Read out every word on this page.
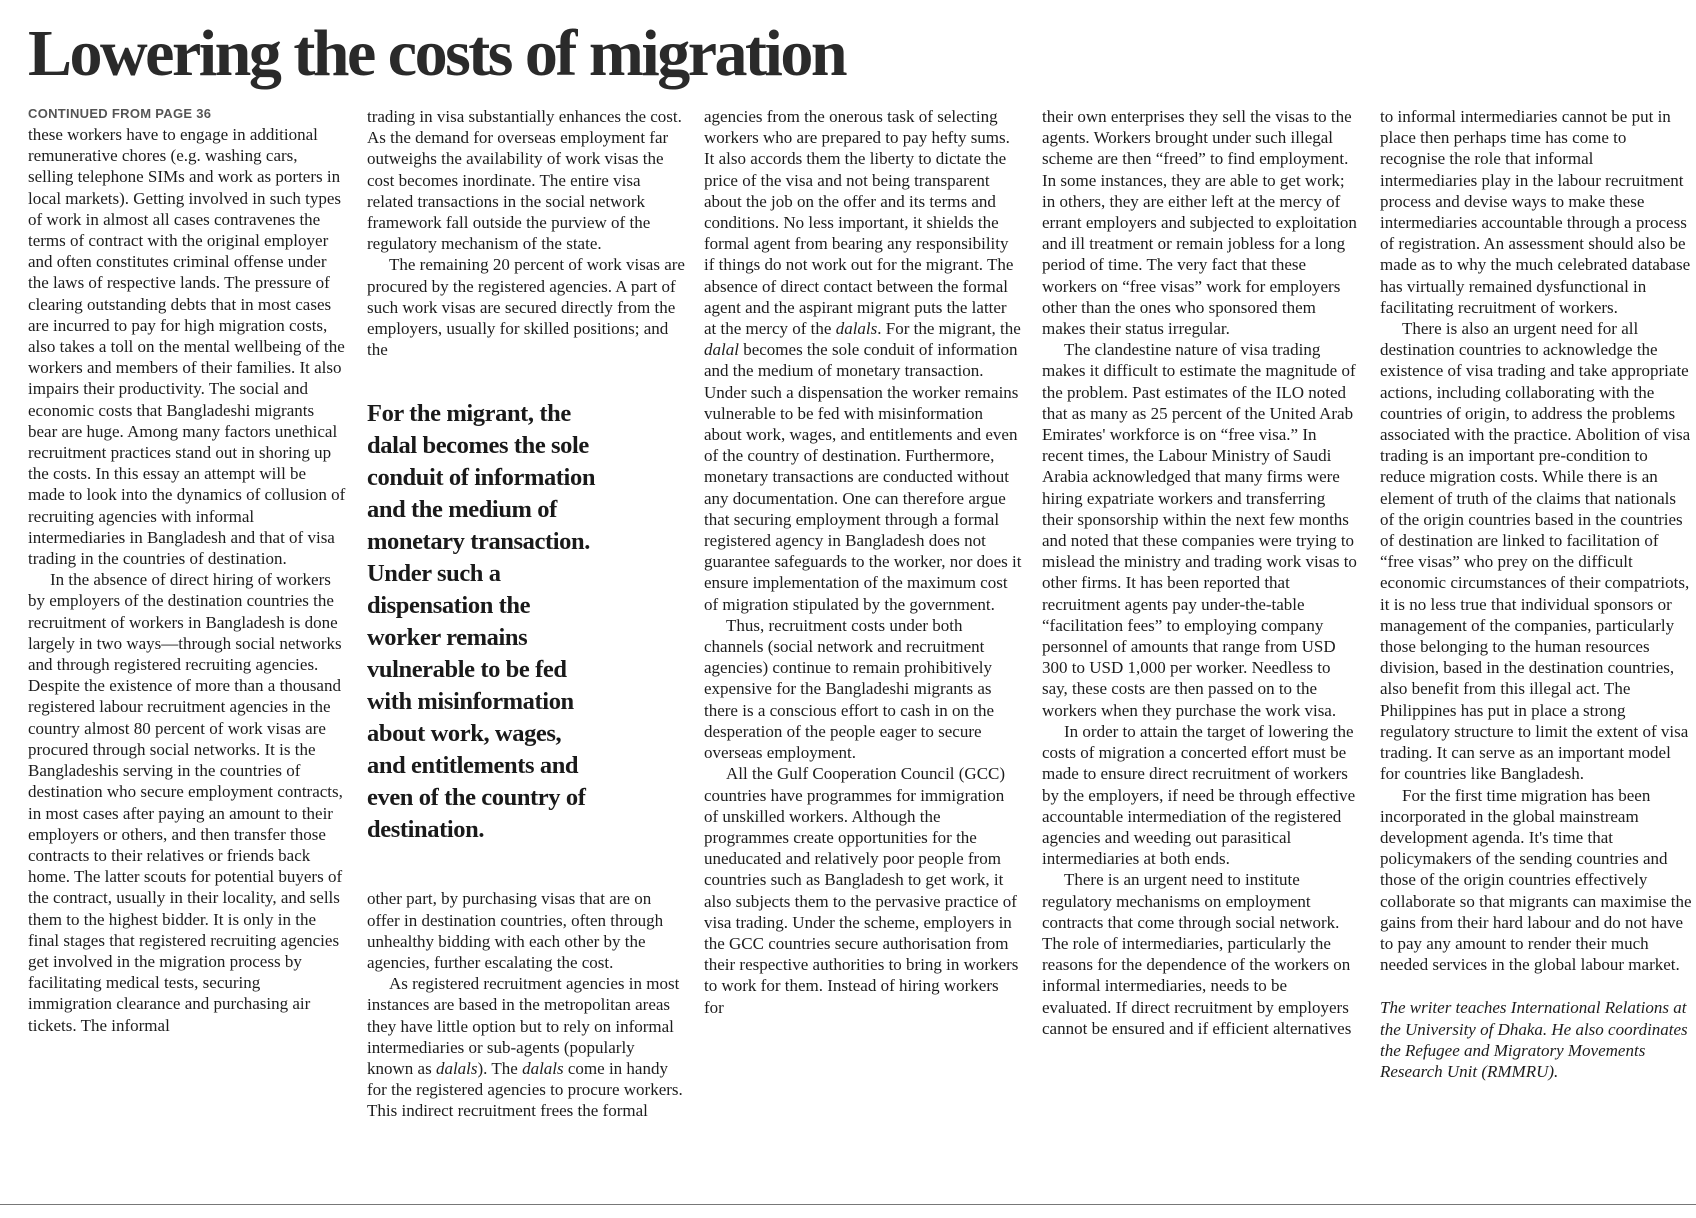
Lowering the costs of migration
CONTINUED FROM PAGE 36

these workers have to engage in additional remunerative chores (e.g. washing cars, selling telephone SIMs and work as porters in local markets). Getting involved in such types of work in almost all cases contravenes the terms of contract with the original employer and often constitutes criminal offense under the laws of respective lands. The pressure of clearing outstanding debts that in most cases are incurred to pay for high migration costs, also takes a toll on the mental wellbeing of the workers and members of their families. It also impairs their productivity. The social and economic costs that Bangladeshi migrants bear are huge. Among many factors unethical recruitment practices stand out in shoring up the costs. In this essay an attempt will be made to look into the dynamics of collusion of recruiting agencies with informal intermediaries in Bangladesh and that of visa trading in the countries of destination.

In the absence of direct hiring of workers by employers of the destination countries the recruitment of workers in Bangladesh is done largely in two ways—through social networks and through registered recruiting agencies. Despite the existence of more than a thousand registered labour recruitment agencies in the country almost 80 percent of work visas are procured through social networks. It is the Bangladeshis serving in the countries of destination who secure employment contracts, in most cases after paying an amount to their employers or others, and then transfer those contracts to their relatives or friends back home. The latter scouts for potential buyers of the contract, usually in their locality, and sells them to the highest bidder. It is only in the final stages that registered recruiting agencies get involved in the migration process by facilitating medical tests, securing immigration clearance and purchasing air tickets. The informal

trading in visa substantially enhances the cost. As the demand for overseas employment far outweighs the availability of work visas the cost becomes inordinate. The entire visa related transactions in the social network framework fall outside the purview of the regulatory mechanism of the state.

The remaining 20 percent of work visas are procured by the registered agencies. A part of such work visas are secured directly from the employers, usually for skilled positions; and the

For the migrant, the dalal becomes the sole conduit of information and the medium of monetary transaction. Under such a dispensation the worker remains vulnerable to be fed with misinformation about work, wages, and entitlements and even of the country of destination.

other part, by purchasing visas that are on offer in destination countries, often through unhealthy bidding with each other by the agencies, further escalating the cost.

As registered recruitment agencies in most instances are based in the metropolitan areas they have little option but to rely on informal intermediaries or sub-agents (popularly known as dalals). The dalals come in handy for the registered agencies to procure workers. This indirect recruitment frees the formal

agencies from the onerous task of selecting workers who are prepared to pay hefty sums. It also accords them the liberty to dictate the price of the visa and not being transparent about the job on the offer and its terms and conditions. No less important, it shields the formal agent from bearing any responsibility if things do not work out for the migrant. The absence of direct contact between the formal agent and the aspirant migrant puts the latter at the mercy of the dalals. For the migrant, the dalal becomes the sole conduit of information and the medium of monetary transaction. Under such a dispensation the worker remains vulnerable to be fed with misinformation about work, wages, and entitlements and even of the country of destination. Furthermore, monetary transactions are conducted without any documentation. One can therefore argue that securing employment through a formal registered agency in Bangladesh does not guarantee safeguards to the worker, nor does it ensure implementation of the maximum cost of migration stipulated by the government.

Thus, recruitment costs under both channels (social network and recruitment agencies) continue to remain prohibitively expensive for the Bangladeshi migrants as there is a conscious effort to cash in on the desperation of the people eager to secure overseas employment.

All the Gulf Cooperation Council (GCC) countries have programmes for immigration of unskilled workers. Although the programmes create opportunities for the uneducated and relatively poor people from countries such as Bangladesh to get work, it also subjects them to the pervasive practice of visa trading. Under the scheme, employers in the GCC countries secure authorisation from their respective authorities to bring in workers to work for them. Instead of hiring workers for

their own enterprises they sell the visas to the agents. Workers brought under such illegal scheme are then “freed” to find employment. In some instances, they are able to get work; in others, they are either left at the mercy of errant employers and subjected to exploitation and ill treatment or remain jobless for a long period of time. The very fact that these workers on “free visas” work for employers other than the ones who sponsored them makes their status irregular.

The clandestine nature of visa trading makes it difficult to estimate the magnitude of the problem. Past estimates of the ILO noted that as many as 25 percent of the United Arab Emirates' workforce is on “free visa.” In recent times, the Labour Ministry of Saudi Arabia acknowledged that many firms were hiring expatriate workers and transferring their sponsorship within the next few months and noted that these companies were trying to mislead the ministry and trading work visas to other firms. It has been reported that recruitment agents pay under-the-table “facilitation fees” to employing company personnel of amounts that range from USD 300 to USD 1,000 per worker. Needless to say, these costs are then passed on to the workers when they purchase the work visa.

In order to attain the target of lowering the costs of migration a concerted effort must be made to ensure direct recruitment of workers by the employers, if need be through effective accountable intermediation of the registered agencies and weeding out parasitical intermediaries at both ends.

There is an urgent need to institute regulatory mechanisms on employment contracts that come through social network. The role of intermediaries, particularly the reasons for the dependence of the workers on informal intermediaries, needs to be evaluated. If direct recruitment by employers cannot be ensured and if efficient alternatives

to informal intermediaries cannot be put in place then perhaps time has come to recognise the role that informal intermediaries play in the labour recruitment process and devise ways to make these intermediaries accountable through a process of registration. An assessment should also be made as to why the much celebrated database has virtually remained dysfunctional in facilitating recruitment of workers.

There is also an urgent need for all destination countries to acknowledge the existence of visa trading and take appropriate actions, including collaborating with the countries of origin, to address the problems associated with the practice. Abolition of visa trading is an important pre-condition to reduce migration costs. While there is an element of truth of the claims that nationals of the origin countries based in the countries of destination are linked to facilitation of “free visas” who prey on the difficult economic circumstances of their compatriots, it is no less true that individual sponsors or management of the companies, particularly those belonging to the human resources division, based in the destination countries, also benefit from this illegal act. The Philippines has put in place a strong regulatory structure to limit the extent of visa trading. It can serve as an important model for countries like Bangladesh.

For the first time migration has been incorporated in the global mainstream development agenda. It's time that policymakers of the sending countries and those of the origin countries effectively collaborate so that migrants can maximise the gains from their hard labour and do not have to pay any amount to render their much needed services in the global labour market.

The writer teaches International Relations at the University of Dhaka. He also coordinates the Refugee and Migratory Movements Research Unit (RMMRU).
